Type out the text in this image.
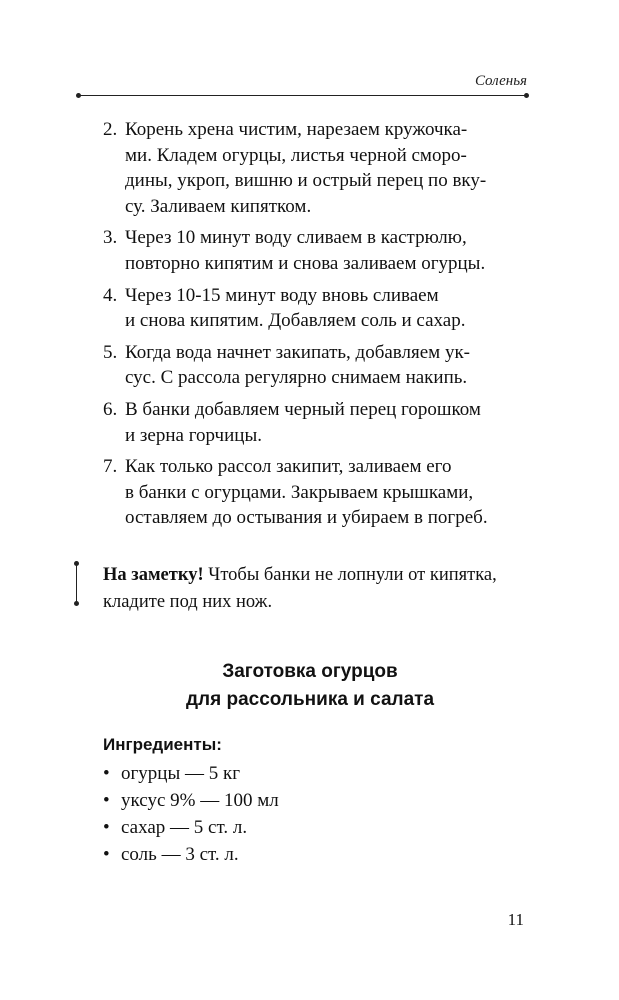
Соленья
2. Корень хрена чистим, нарезаем кружочка-
ми. Кладем огурцы, листья черной сморо-
дины, укроп, вишню и острый перец по вку-
су. Заливаем кипятком.
3. Через 10 минут воду сливаем в кастрюлю,
повторно кипятим и снова заливаем огурцы.
4. Через 10-15 минут воду вновь сливаем
и снова кипятим. Добавляем соль и сахар.
5. Когда вода начнет закипать, добавляем ук-
сус. С рассола регулярно снимаем накипь.
6. В банки добавляем черный перец горошком
и зерна горчицы.
7. Как только рассол закипит, заливаем его
в банки с огурцами. Закрываем крышками,
оставляем до остывания и убираем в погреб.
На заметку! Чтобы банки не лопнули от кипятка,
кладите под них нож.
Заготовка огурцов
для рассольника и салата
Ингредиенты:
• огурцы — 5 кг
• уксус 9% — 100 мл
• сахар — 5 ст. л.
• соль — 3 ст. л.
11
